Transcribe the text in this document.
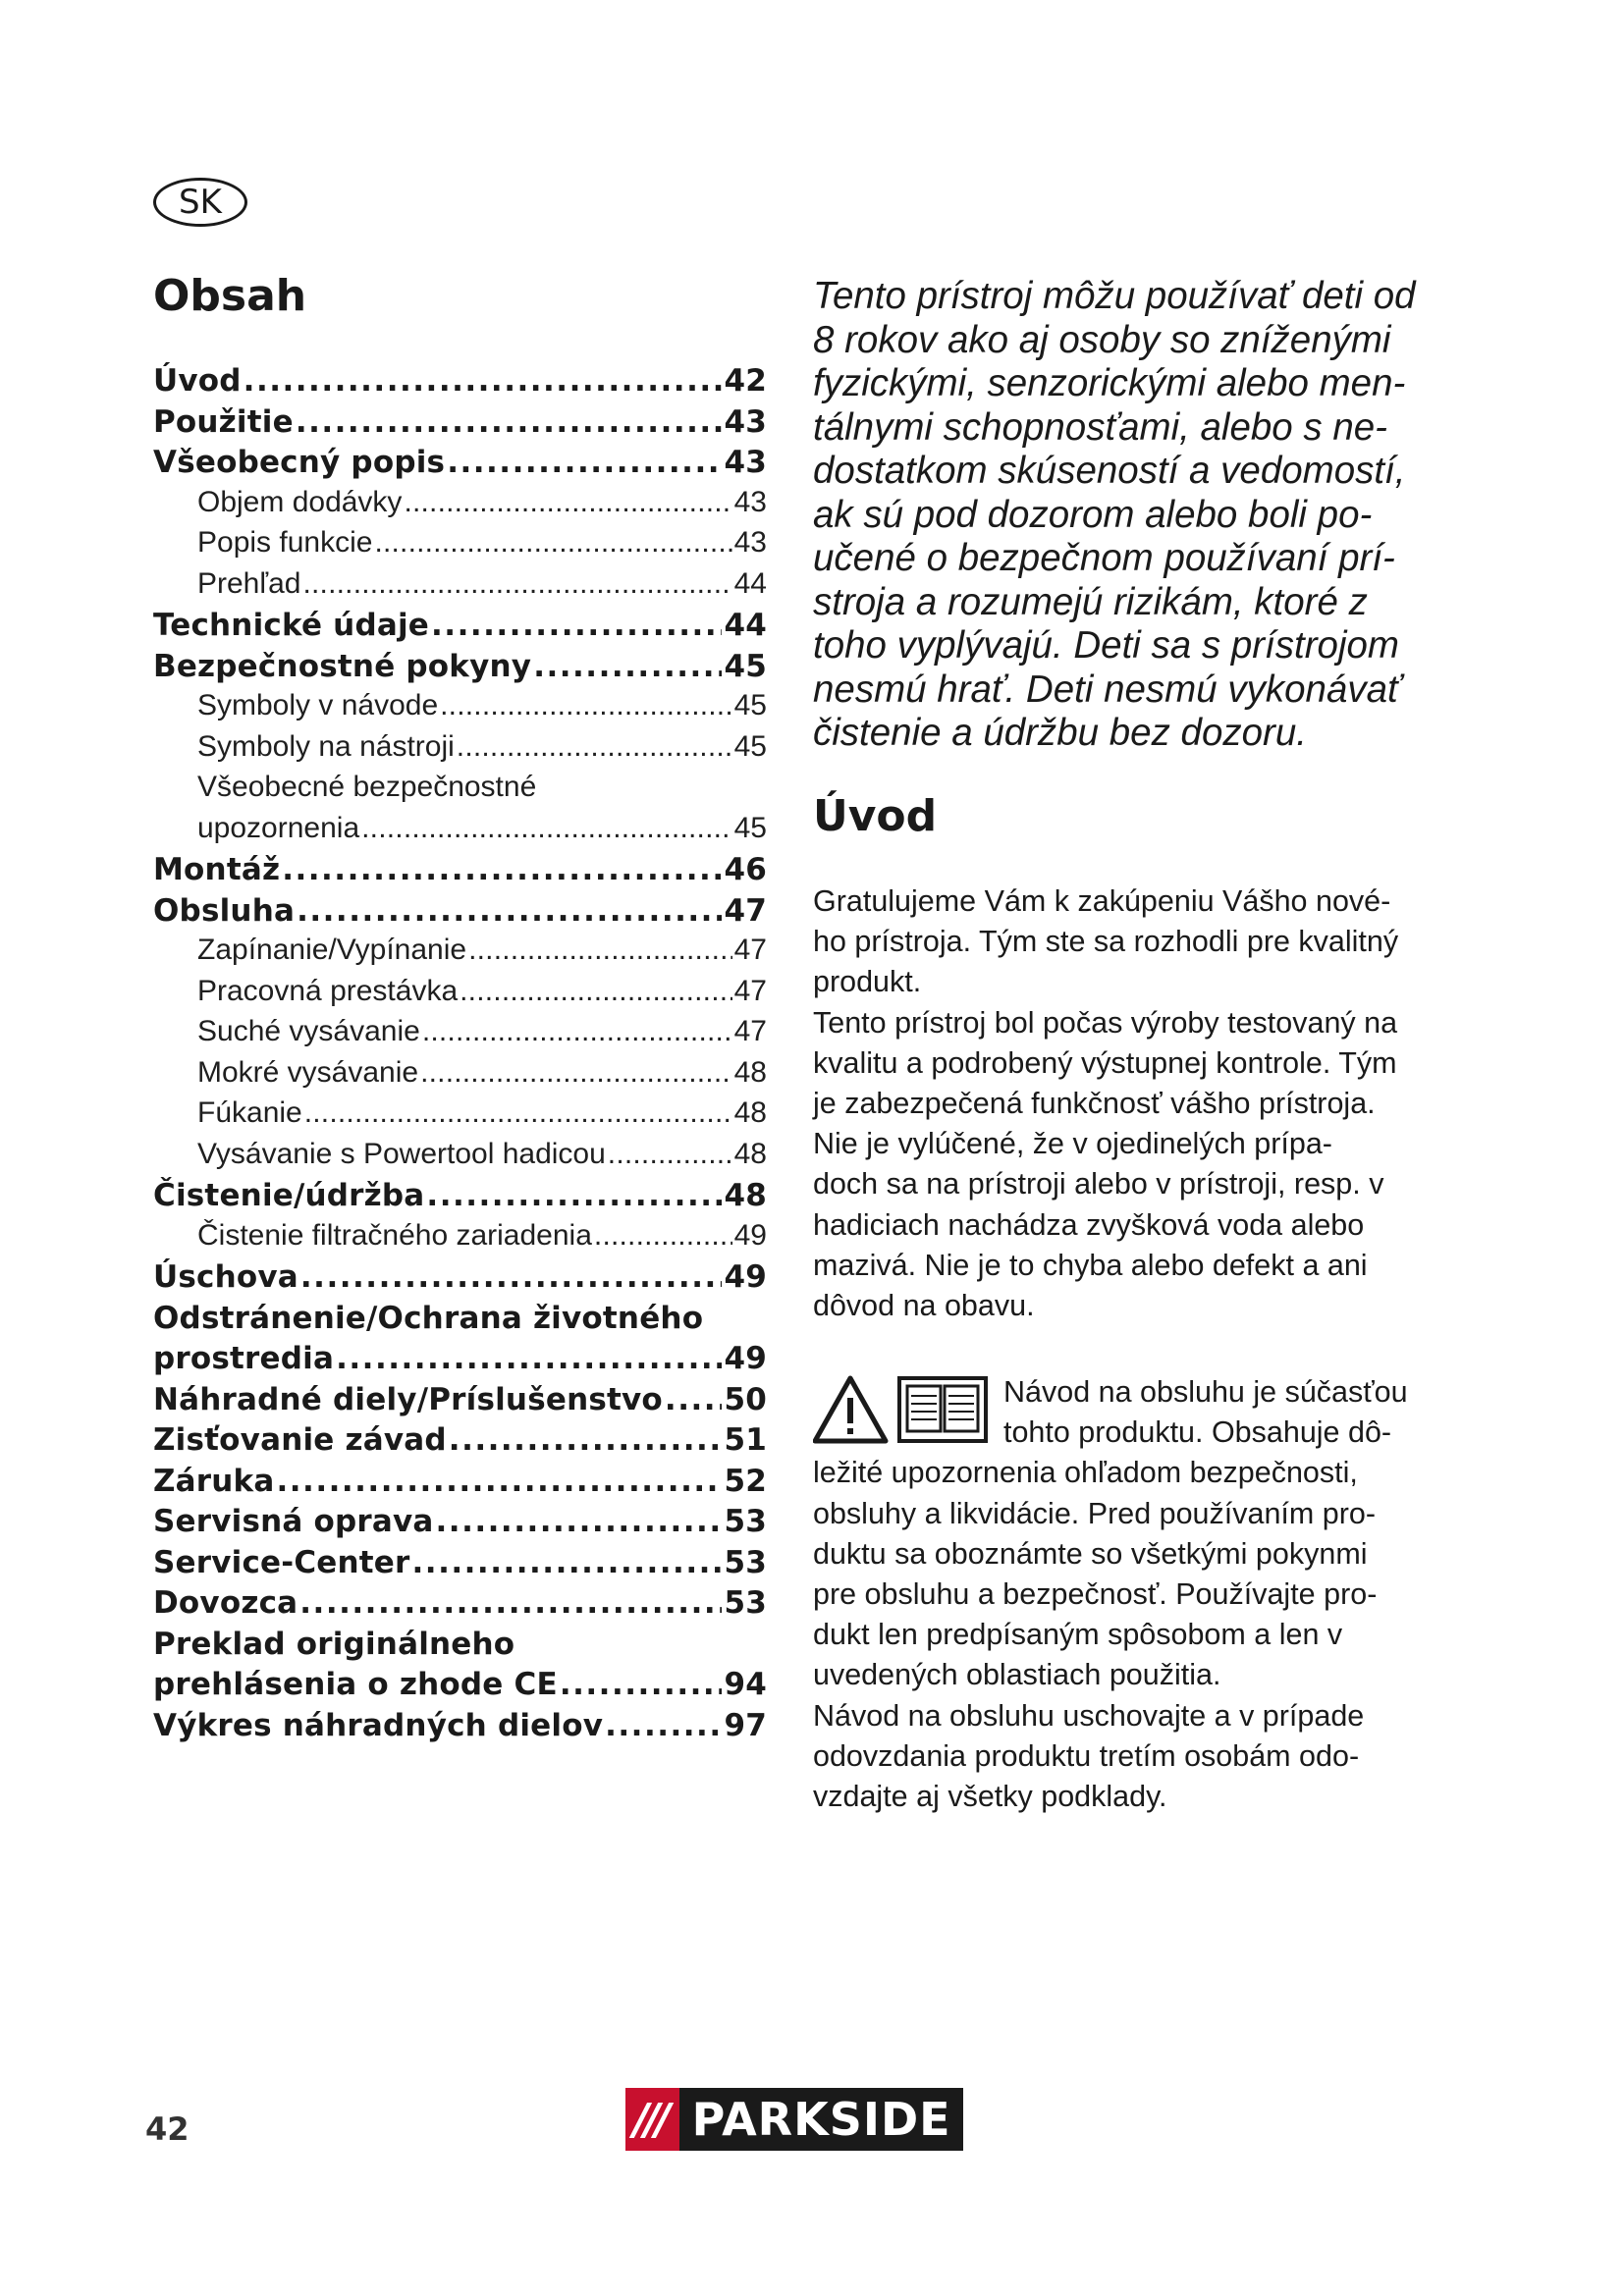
SK
Obsah
Úvod .....	42
Použitie .....	43
Všeobecný popis .....	43
Objem dodávky .....	43
Popis funkcie .....	43
Prehľad .....	44
Technické údaje .....	44
Bezpečnostné pokyny .....	45
Symboly v návode .....	45
Symboly na nástroji .....	45
Všeobecné bezpečnostné
upozornenia .....	45
Montáž .....	46
Obsluha .....	47
Zapínanie/Vypínanie .....	47
Pracovná prestávka .....	47
Suché vysávanie .....	47
Mokré vysávanie .....	48
Fúkanie .....	48
Vysávanie s Powertool hadicou .....	48
Čistenie/údržba .....	48
Čistenie filtračného zariadenia .....	49
Úschova .....	49
Odstránenie/Ochrana životného
prostredia .....	49
Náhradné diely/Príslušenstvo ..... 50
Zisťovanie závad .....	51
Záruka .....	52
Servisná oprava .....	53
Service-Center .....	53
Dovozca .....	53
Preklad originálneho
prehlásenia o zhode CE .....	94
Výkres náhradných dielov .....	97

Tento prístroj môžu používať deti od
8 rokov ako aj osoby so zníženými
fyzickými, senzorickými alebo men-
tálnymi schopnosťami, alebo s ne-
dostatkom skúseností a vedomostí,
ak sú pod dozorom alebo boli po-
učené o bezpečnom používaní prí-
stroja a rozumejú rizikám, ktoré z
toho vyplývajú. Deti sa s prístrojom
nesmú hrať. Deti nesmú vykonávať
čistenie a údržbu bez dozoru.

Úvod

Gratulujeme Vám k zakúpeniu Vášho nové-
ho prístroja. Tým ste sa rozhodli pre kvalitný
produkt.
Tento prístroj bol počas výroby testovaný na
kvalitu a podrobený výstupnej kontrole. Tým
je zabezpečená funkčnosť vášho prístroja.
Nie je vylúčené, že v ojedinelých prípa-
doch sa na prístroji alebo v prístroji, resp. v
hadiciach nachádza zvyšková voda alebo
mazivá. Nie je to chyba alebo defekt a ani
dôvod na obavu.

Návod na obsluhu je súčasťou
tohto produktu. Obsahuje dô-
ležité upozornenia ohľadom bezpečnosti,
obsluhy a likvidácie. Pred používaním pro-
duktu sa oboznámte so všetkými pokynmi
pre obsluhu a bezpečnosť. Používajte pro-
dukt len predpísaným spôsobom a len v
uvedených oblastiach použitia.
Návod na obsluhu uschovajte a v prípade
odovzdania produktu tretím osobám odo-
vzdajte aj všetky podklady.
42	/// PARKSIDE
